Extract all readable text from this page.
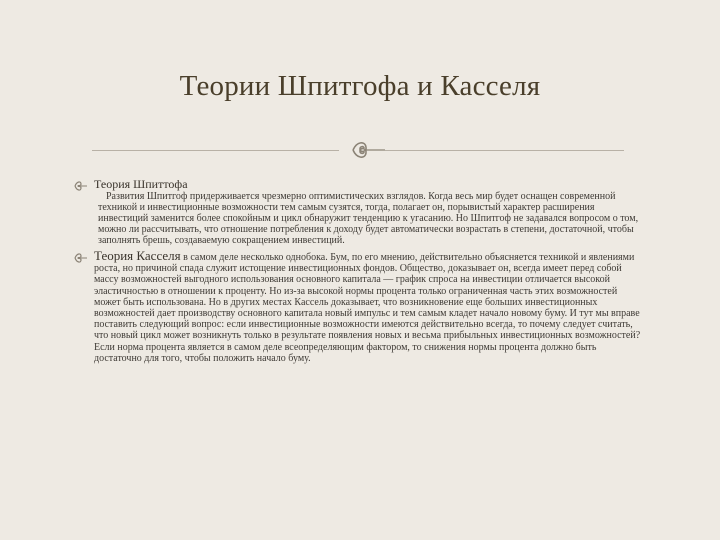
Теории Шпитгофа и Касселя
Теория Шпиттофа
Развития Шпитгоф придерживается чрезмерно оптимистических взглядов. Когда весь мир будет оснащен современной техникой и инвестиционные возможности тем самым сузятся, тогда, полагает он, порывистый характер расширения инвестиций заменится более спокойным и цикл обнаружит тенденцию к угасанию. Но Шпитгоф не задавался вопросом о том, можно ли рассчитывать, что отношение потребления к доходу будет автоматически возрастать в степени, достаточной, чтобы заполнять брешь, создаваемую сокращением инвестиций.
Теория Касселя в самом деле несколько однобока. Бум, по его мнению, действительно объясняется техникой и явлениями роста, но причиной спада служит истощение инвестиционных фондов. Общество, доказывает он, всегда имеет перед собой массу возможностей выгодного использования основного капитала — график спроса на инвестиции отличается высокой эластичностью в отношении к проценту. Но из-за высокой нормы процента только ограниченная часть этих возможностей может быть использована. Но в других местах Кассель доказывает, что возникновение еще больших инвестиционных возможностей дает производству основного капитала новый импульс и тем самым кладет начало новому буму. И тут мы вправе поставить следующий вопрос: если инвестиционные возможности имеются действительно всегда, то почему следует считать, что новый цикл может возникнуть только в результате появления новых и весьма прибыльных инвестиционных возможностей? Если норма процента является в самом деле всеопределяющим фактором, то снижения нормы процента должно быть достаточно для того, чтобы положить начало буму.
